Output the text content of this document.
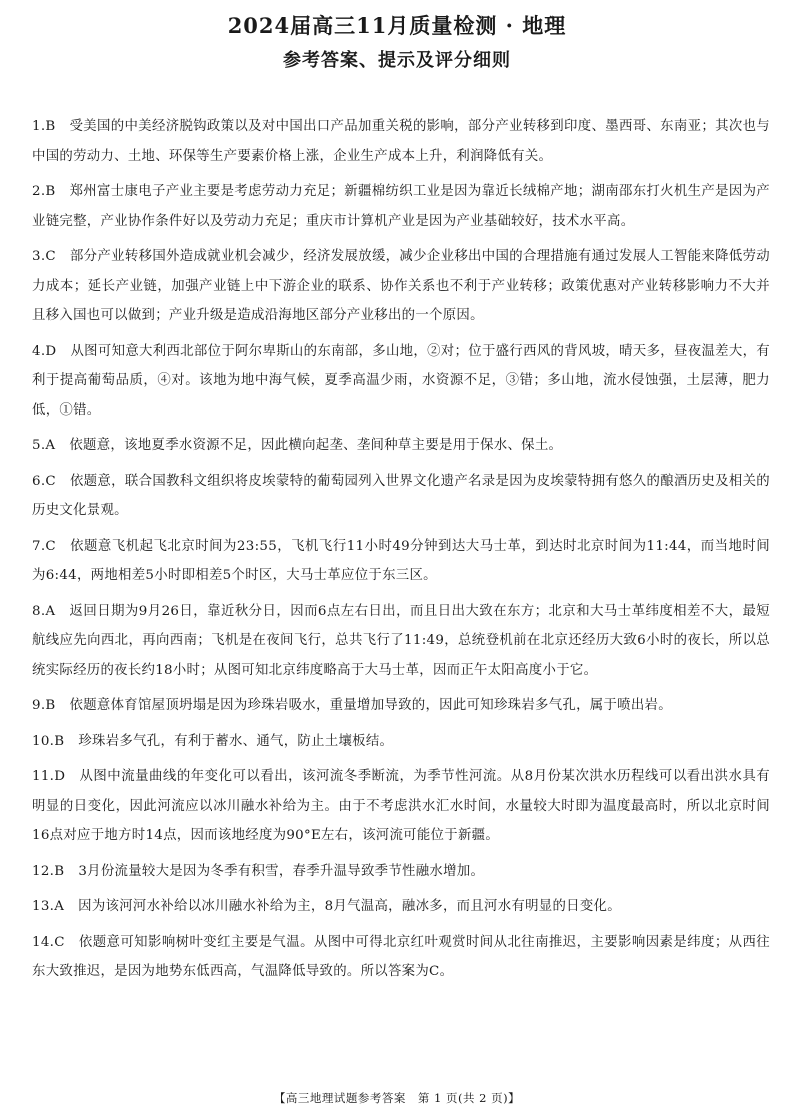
2024届高三11月质量检测 · 地理
参考答案、提示及评分细则

1.B 受美国的中美经济脱钩政策以及对中国出口产品加重关税的影响，部分产业转移到印度、墨西哥、东南亚；其次也与中国的劳动力、土地、环保等生产要素价格上涨，企业生产成本上升，利润降低有关。

2.B 郑州富士康电子产业主要是考虑劳动力充足；新疆棉纺织工业是因为靠近长绒棉产地；湖南邵东打火机生产是因为产业链完整，产业协作条件好以及劳动力充足；重庆市计算机产业是因为产业基础较好，技术水平高。

3.C 部分产业转移国外造成就业机会减少，经济发展放缓，减少企业移出中国的合理措施有通过发展人工智能来降低劳动力成本；延长产业链，加强产业链上中下游企业的联系、协作关系也不利于产业转移；政策优惠对产业转移影响力不大并且移入国也可以做到；产业升级是造成沿海地区部分产业移出的一个原因。

4.D 从图可知意大利西北部位于阿尔卑斯山的东南部，多山地，②对；位于盛行西风的背风坡，晴天多，昼夜温差大，有利于提高葡萄品质，④对。该地为地中海气候，夏季高温少雨，水资源不足，③错；多山地，流水侵蚀强，土层薄，肥力低，①错。

5.A 依题意，该地夏季水资源不足，因此横向起垄、垄间种草主要是用于保水、保土。

6.C 依题意，联合国教科文组织将皮埃蒙特的葡萄园列入世界文化遗产名录是因为皮埃蒙特拥有悠久的酿酒历史及相关的历史文化景观。

7.C 依题意飞机起飞北京时间为23:55，飞机飞行11小时49分钟到达大马士革，到达时北京时间为11:44，而当地时间为6:44，两地相差5小时即相差5个时区，大马士革应位于东三区。

8.A 返回日期为9月26日，靠近秋分日，因而6点左右日出，而且日出大致在东方；北京和大马士革纬度相差不大，最短航线应先向西北，再向西南；飞机是在夜间飞行，总共飞行了11:49，总统登机前在北京还经历大致6小时的夜长，所以总统实际经历的夜长约18小时；从图可知北京纬度略高于大马士革，因而正午太阳高度小于它。

9.B 依题意体育馆屋顶坍塌是因为珍珠岩吸水，重量增加导致的，因此可知珍珠岩多气孔，属于喷出岩。

10.B 珍珠岩多气孔，有利于蓄水、通气，防止土壤板结。

11.D 从图中流量曲线的年变化可以看出，该河流冬季断流，为季节性河流。从8月份某次洪水历程线可以看出洪水具有明显的日变化，因此河流应以冰川融水补给为主。由于不考虑洪水汇水时间，水量较大时即为温度最高时，所以北京时间16点对应于地方时14点，因而该地经度为90°E左右，该河流可能位于新疆。

12.B 3月份流量较大是因为冬季有积雪，春季升温导致季节性融水增加。

13.A 因为该河河水补给以冰川融水补给为主，8月气温高，融冰多，而且河水有明显的日变化。

14.C 依题意可知影响树叶变红主要是气温。从图中可得北京红叶观赏时间从北往南推迟，主要影响因素是纬度；从西往东大致推迟，是因为地势东低西高，气温降低导致的。所以答案为C。

【高三地理试题参考答案　第 1 页(共 2 页)】
